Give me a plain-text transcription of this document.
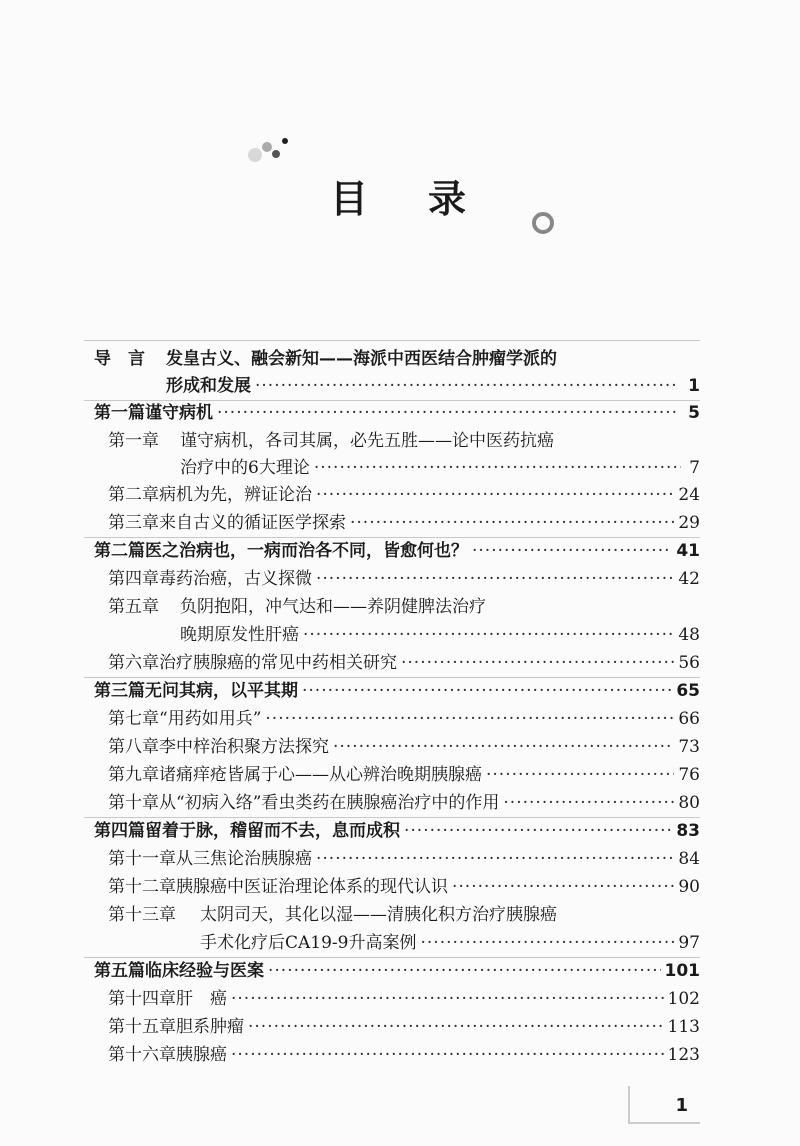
目 录
导　言	发皇古义、融会新知——海派中西医结合肿瘤学派的
形成和发展 ·····	1
第一篇 谨守病机 ·····	5
第一章	谨守病机，各司其属，必先五胜——论中医药抗癌
治疗中的6大理论 ·····	7
第二章 病机为先，辨证论治 ·····	24
第三章 来自古义的循证医学探索 ·····	29
第二篇 医之治病也，一病而治各不同，皆愈何也？ ·····	41
第四章 毒药治癌，古义探微 ·····	42
第五章	负阴抱阳，冲气达和——养阴健脾法治疗
晚期原发性肝癌 ·····	48
第六章 治疗胰腺癌的常见中药相关研究 ·····	56
第三篇 无问其病，以平其期 ·····	65
第七章 “用药如用兵” ·····	66
第八章 李中梓治积聚方法探究 ·····	73
第九章 诸痛痒疮皆属于心——从心辨治晚期胰腺癌 ·····	76
第十章 从“初病入络”看虫类药在胰腺癌治疗中的作用 ·····	80
第四篇 留着于脉，稽留而不去，息而成积 ·····	83
第十一章 从三焦论治胰腺癌 ·····	84
第十二章 胰腺癌中医证治理论体系的现代认识 ·····	90
第十三章	太阴司天，其化以湿——清胰化积方治疗胰腺癌
手术化疗后CA19-9升高案例 ·····	97
第五篇 临床经验与医案 ·····	101
第十四章 肝　癌 ·····	102
第十五章 胆系肿瘤 ·····	113
第十六章 胰腺癌 ·····	123
1
